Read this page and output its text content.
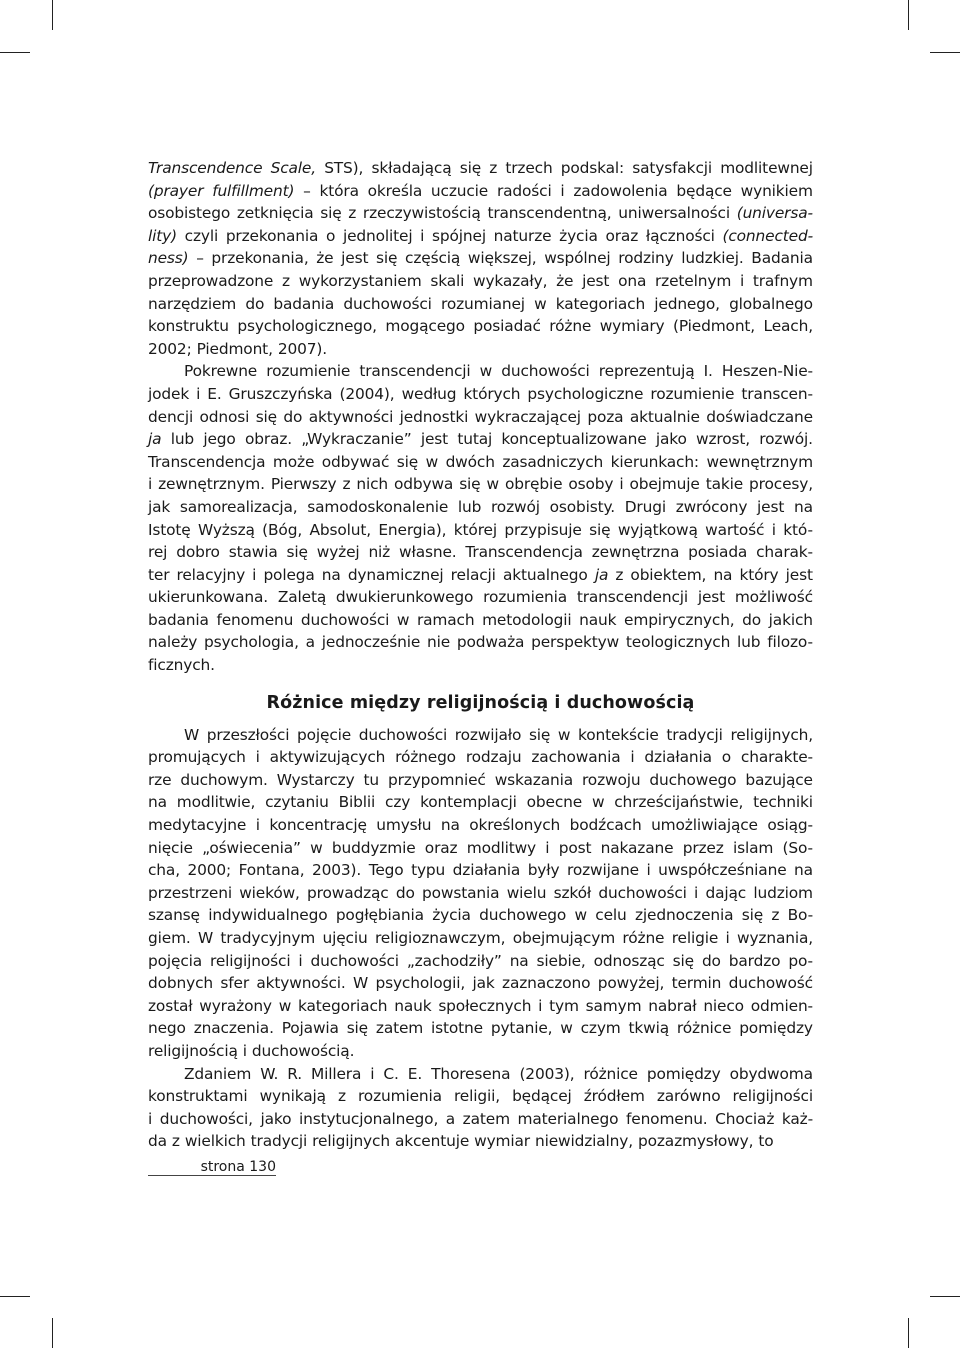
Transcendence Scale, STS), składającą się z trzech podskal: satysfakcji modlitewnej
(prayer fulfillment) – która określa uczucie radości i zadowolenia będące wynikiem
osobistego zetknięcia się z rzeczywistością transcendentną, uniwersalności (universa-
lity) czyli przekonania o jednolitej i spójnej naturze życia oraz łączności (connected-
ness) – przekonania, że jest się częścią większej, wspólnej rodziny ludzkiej. Badania
przeprowadzone z wykorzystaniem skali wykazały, że jest ona rzetelnym i trafnym
narzędziem do badania duchowości rozumianej w kategoriach jednego, globalnego
konstruktu psychologicznego, mogącego posiadać różne wymiary (Piedmont, Leach,
2002; Piedmont, 2007).
Pokrewne rozumienie transcendencji w duchowości reprezentują I. Heszen-Nie-
jodek i E. Gruszczyńska (2004), według których psychologiczne rozumienie transcen-
dencji odnosi się do aktywności jednostki wykraczającej poza aktualnie doświadczane
ja lub jego obraz. „Wykraczanie” jest tutaj konceptualizowane jako wzrost, rozwój.
Transcendencja może odbywać się w dwóch zasadniczych kierunkach: wewnętrznym
i zewnętrznym. Pierwszy z nich odbywa się w obrębie osoby i obejmuje takie procesy,
jak samorealizacja, samodoskonalenie lub rozwój osobisty. Drugi zwrócony jest na
Istotę Wyższą (Bóg, Absolut, Energia), której przypisuje się wyjątkową wartość i któ-
rej dobro stawia się wyżej niż własne. Transcendencja zewnętrzna posiada charak-
ter relacyjny i polega na dynamicznej relacji aktualnego ja z obiektem, na który jest
ukierunkowana. Zaletą dwukierunkowego rozumienia transcendencji jest możliwość
badania fenomenu duchowości w ramach metodologii nauk empirycznych, do jakich
należy psychologia, a jednocześnie nie podważa perspektyw teologicznych lub filozo-
ficznych.
Różnice między religijnością i duchowością
W przeszłości pojęcie duchowości rozwijało się w kontekście tradycji religijnych,
promujących i aktywizujących różnego rodzaju zachowania i działania o charakte-
rze duchowym. Wystarczy tu przypomnieć wskazania rozwoju duchowego bazujące
na modlitwie, czytaniu Biblii czy kontemplacji obecne w chrześcijaństwie, techniki
medytacyjne i koncentrację umysłu na określonych bodźcach umożliwiające osiąg-
nięcie „oświecenia” w buddyzmie oraz modlitwy i post nakazane przez islam (So-
cha, 2000; Fontana, 2003). Tego typu działania były rozwijane i uwspółcześniane na
przestrzeni wieków, prowadząc do powstania wielu szkół duchowości i dając ludziom
szansę indywidualnego pogłębiania życia duchowego w celu zjednoczenia się z Bo-
giem. W tradycyjnym ujęciu religioznawczym, obejmującym różne religie i wyznania,
pojęcia religijności i duchowości „zachodziły” na siebie, odnosząc się do bardzo po-
dobnych sfer aktywności. W psychologii, jak zaznaczono powyżej, termin duchowość
został wyrażony w kategoriach nauk społecznych i tym samym nabrał nieco odmien-
nego znaczenia. Pojawia się zatem istotne pytanie, w czym tkwią różnice pomiędzy
religijnością i duchowością.
Zdaniem W. R. Millera i C. E. Thoresena (2003), różnice pomiędzy obydwoma
konstruktami wynikają z rozumienia religii, będącej źródłem zarówno religijności
i duchowości, jako instytucjonalnego, a zatem materialnego fenomenu. Chociaż każ-
da z wielkich tradycji religijnych akcentuje wymiar niewidzialny, pozazmysłowy, to
strona 130
